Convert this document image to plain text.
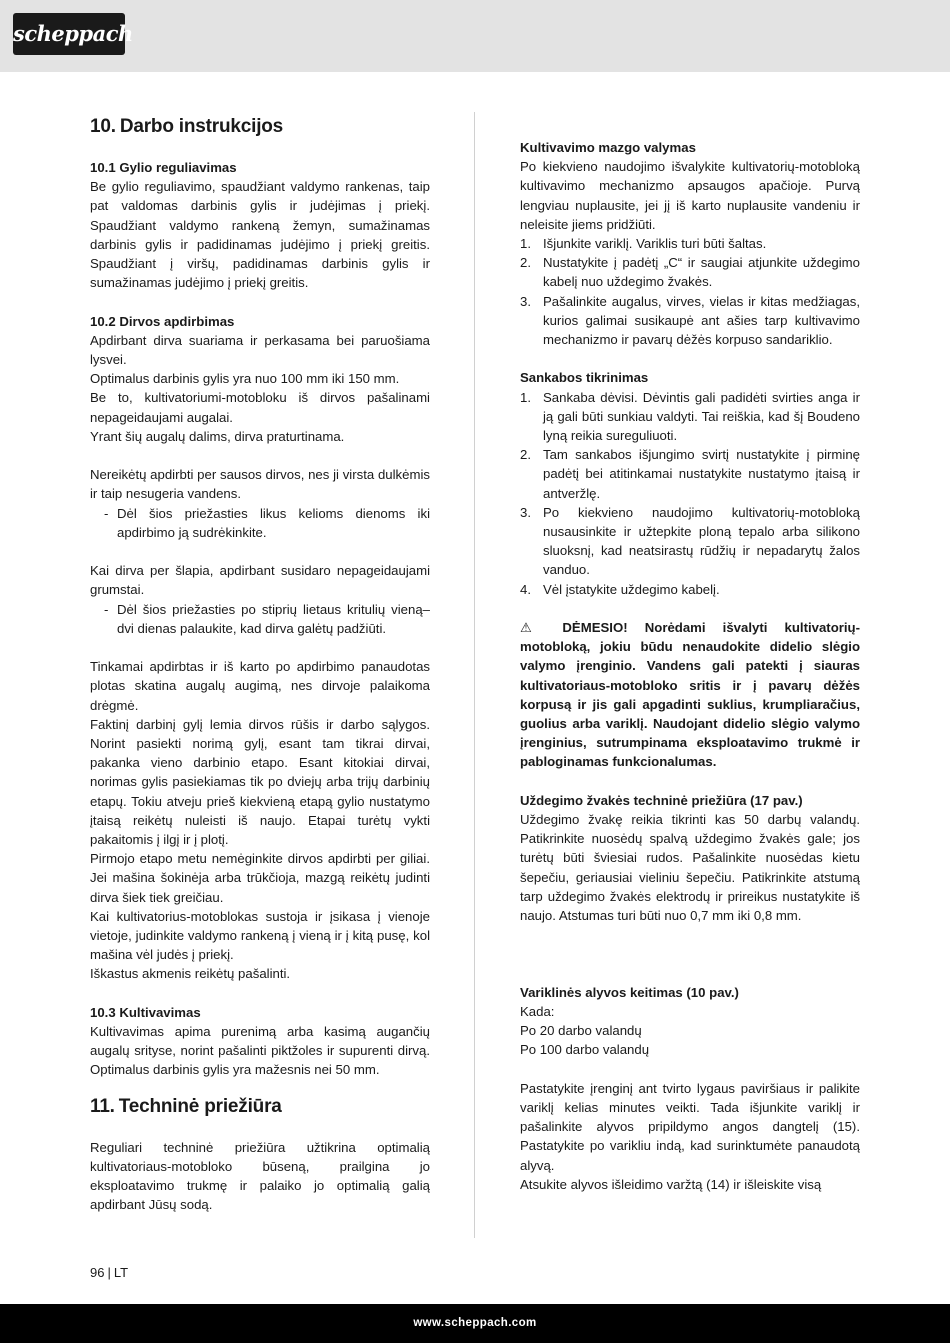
scheppach
10. Darbo instrukcijos

10.1 Gylio reguliavimas

Be gylio reguliavimo, spaudžiant valdymo rankenas, taip pat valdomas darbinis gylis ir judėjimas į priekį. Spaudžiant valdymo rankeną žemyn, sumažinamas darbinis gylis ir padidinamas judėjimo į priekį greitis. Spaudžiant į viršų, padidinamas darbinis gylis ir sumažinamas judėjimo į priekį greitis.

10.2 Dirvos apdirbimas

Apdirbant dirva suariama ir perkasama bei paruošiama lysvei.

Optimalus darbinis gylis yra nuo 100 mm iki 150 mm.

Be to, kultivatoriumi-motobloku iš dirvos pašalinami nepageidaujami augalai.

Yrant šių augalų dalims, dirva praturtinama.

Nereikėtų apdirbti per sausos dirvos, nes ji virsta dulkėmis ir taip nesugeria vandens.

- Dėl šios priežasties likus kelioms dienoms iki apdirbimo ją sudrėkinkite.

Kai dirva per šlapia, apdirbant susidaro nepageidaujami grumstai.

- Dėl šios priežasties po stiprių lietaus kritulių vieną–dvi dienas palaukite, kad dirva galėtų padžiūti.

Tinkamai apdirbtas ir iš karto po apdirbimo panaudotas plotas skatina augalų augimą, nes dirvoje palaikoma drėgmė.

Faktinį darbinį gylį lemia dirvos rūšis ir darbo sąlygos. Norint pasiekti norimą gylį, esant tam tikrai dirvai, pakanka vieno darbinio etapo. Esant kitokiai dirvai, norimas gylis pasiekiamas tik po dviejų arba trijų darbinių etapų. Tokiu atveju prieš kiekvieną etapą gylio nustatymo įtaisą reikėtų nuleisti iš naujo. Etapai turėtų vykti pakaitomis į ilgį ir į plotį.

Pirmojo etapo metu nemėginkite dirvos apdirbti per giliai. Jei mašina šokinėja arba trūkčioja, mazgą reikėtų judinti dirva šiek tiek greičiau.

Kai kultivatorius-motoblokas sustoja ir įsikasa į vienoje vietoje, judinkite valdymo rankeną į vieną ir į kitą pusę, kol mašina vėl judės į priekį.

Iškastus akmenis reikėtų pašalinti.

10.3 Kultivavimas

Kultivavimas apima purenimą arba kasimą augančių augalų srityse, norint pašalinti piktžoles ir supurenti dirvą. Optimalus darbinis gylis yra mažesnis nei 50 mm.

11. Techninė priežiūra

Reguliari techninė priežiūra užtikrina optimalią kultivatoriaus-motobloko būseną, prailgina jo eksploatavimo trukmę ir palaiko jo optimalią galią apdirbant Jūsų sodą.

Kultivavimo mazgo valymas

Po kiekvieno naudojimo išvalykite kultivatorių-motobloką kultivavimo mechanizmo apsaugos apačioje. Purvą lengviau nuplausite, jei jį iš karto nuplausite vandeniu ir neleisite jiems pridžiūti.

1. Išjunkite variklį. Variklis turi būti šaltas.

2. Nustatykite į padėtį „C“ ir saugiai atjunkite uždegimo kabelį nuo uždegimo žvakės.

3. Pašalinkite augalus, virves, vielas ir kitas medžiagas, kurios galimai susikaupė ant ašies tarp kultivavimo mechanizmo ir pavarų dėžės korpuso sandariklio.

Sankabos tikrinimas

1. Sankaba dėvisi. Dėvintis gali padidėti svirties anga ir ją gali būti sunkiau valdyti. Tai reiškia, kad šį Boudeno lyną reikia sureguliuoti.

2. Tam sankabos išjungimo svirtį nustatykite į pirminę padėtį bei atitinkamai nustatykite nustatymo įtaisą ir antveržlę.

3. Po kiekvieno naudojimo kultivatorių-motobloką nusausinkite ir užtepkite ploną tepalo arba silikono sluoksnį, kad neatsirastų rūdžių ir nepadarytų žalos vanduo.

4. Vėl įstatykite uždegimo kabelį.

⚠ DĖMESIO! Norėdami išvalyti kultivatorių-motobloką, jokiu būdu nenaudokite didelio slėgio valymo įrenginio. Vandens gali patekti į siauras kultivatoriaus-motobloko sritis ir į pavarų dėžės korpusą ir jis gali apgadinti suklius, krumpliaračius, guolius arba variklį. Naudojant didelio slėgio valymo įrenginius, sutrumpinama eksploatavimo trukmė ir pabloginamas funkcionalumas.

Uždegimo žvakės techninė priežiūra (17 pav.)

Uždegimo žvakę reikia tikrinti kas 50 darbų valandų. Patikrinkite nuosėdų spalvą uždegimo žvakės gale; jos turėtų būti šviesiai rudos. Pašalinkite nuosėdas kietu šepečiu, geriausiai vieliniu šepečiu. Patikrinkite atstumą tarp uždegimo žvakės elektrodų ir prireikus nustatykite iš naujo. Atstumas turi būti nuo 0,7 mm iki 0,8 mm.

Variklinės alyvos keitimas (10 pav.)

Kada:

Po 20 darbo valandų

Po 100 darbo valandų

Pastatykite įrenginį ant tvirto lygaus paviršiaus ir palikite variklį kelias minutes veikti. Tada išjunkite variklį ir pašalinkite alyvos pripildymo angos dangtelį (15). Pastatykite po varikliu indą, kad surinktumėte panaudotą alyvą.

Atsukite alyvos išleidimo varžtą (14) ir išleiskite visą

96 | LT
www.scheppach.com
